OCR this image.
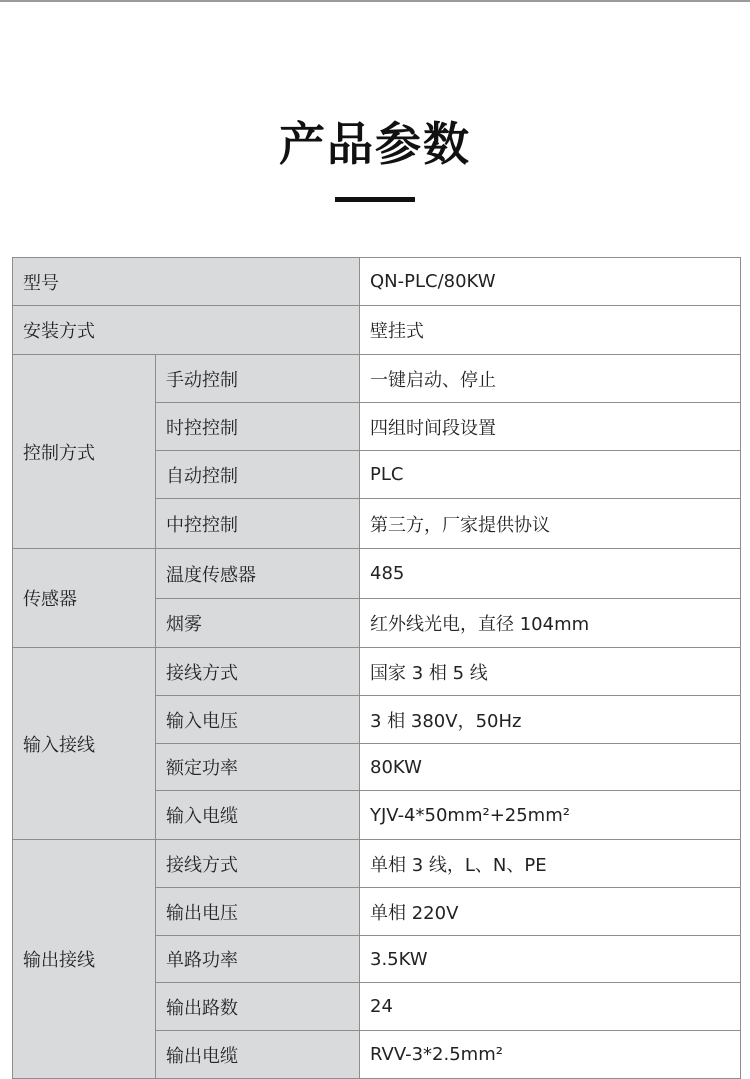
产品参数
型号		QN-PLC/80KW
安装方式		壁挂式
控制方式	手动控制	一键启动、停止
	时控控制	四组时间段设置
	自动控制	PLC
	中控控制	第三方，厂家提供协议
传感器	温度传感器	485
	烟雾	红外线光电，直径 104mm
输入接线	接线方式	国家 3 相 5 线
	输入电压	3 相 380V，50Hz
	额定功率	80KW
	输入电缆	YJV-4*50mm²+25mm²
输出接线	接线方式	单相 3 线，L、N、PE
	输出电压	单相 220V
	单路功率	3.5KW
	输出路数	24
	输出电缆	RVV-3*2.5mm²
